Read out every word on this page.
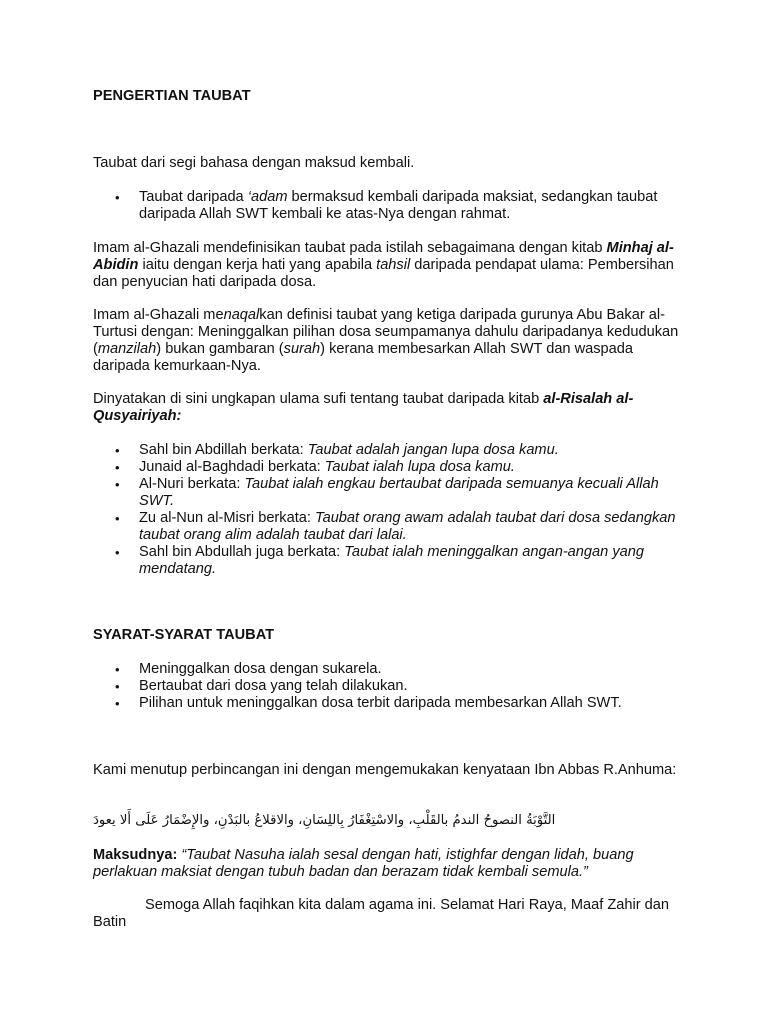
PENGERTIAN TAUBAT

Taubat dari segi bahasa dengan maksud kembali.

• Taubat daripada ‘adam bermaksud kembali daripada maksiat, sedangkan taubat daripada Allah SWT kembali ke atas-Nya dengan rahmat.

Imam al-Ghazali mendefinisikan taubat pada istilah sebagaimana dengan kitab Minhaj al-Abidin iaitu dengan kerja hati yang apabila tahsil daripada pendapat ulama: Pembersihan dan penyucian hati daripada dosa.

Imam al-Ghazali menaqalkan definisi taubat yang ketiga daripada gurunya Abu Bakar al-Turtusi dengan: Meninggalkan pilihan dosa seumpamanya dahulu daripadanya kedudukan (manzilah) bukan gambaran (surah) kerana membesarkan Allah SWT dan waspada daripada kemurkaan-Nya.

Dinyatakan di sini ungkapan ulama sufi tentang taubat daripada kitab al-Risalah al-Qusyairiyah:

• Sahl bin Abdillah berkata: Taubat adalah jangan lupa dosa kamu.
• Junaid al-Baghdadi berkata: Taubat ialah lupa dosa kamu.
• Al-Nuri berkata: Taubat ialah engkau bertaubat daripada semuanya kecuali Allah SWT.
• Zu al-Nun al-Misri berkata: Taubat orang awam adalah taubat dari dosa sedangkan taubat orang alim adalah taubat dari lalai.
• Sahl bin Abdullah juga berkata: Taubat ialah meninggalkan angan-angan yang mendatang.
SYARAT-SYARAT TAUBAT
• Meninggalkan dosa dengan sukarela.
• Bertaubat dari dosa yang telah dilakukan.
• Pilihan untuk meninggalkan dosa terbit daripada membesarkan Allah SWT.

Kami menutup perbincangan ini dengan mengemukakan kenyataan Ibn Abbas R.Anhuma:

التَّوْبَةُ النصوحُ الندمُ بالقَلْبِ، والاسْتِغْفَارُ بِاللِسَانِ، والاقلاعُ بالبَدْنِ، والإِضْمَارُ عَلَى أَلا يعودَ

Maksudnya: “Taubat Nasuha ialah sesal dengan hati, istighfar dengan lidah, buang perlakuan maksiat dengan tubuh badan dan berazam tidak kembali semula.”

Semoga Allah faqihkan kita dalam agama ini. Selamat Hari Raya, Maaf Zahir dan Batin
